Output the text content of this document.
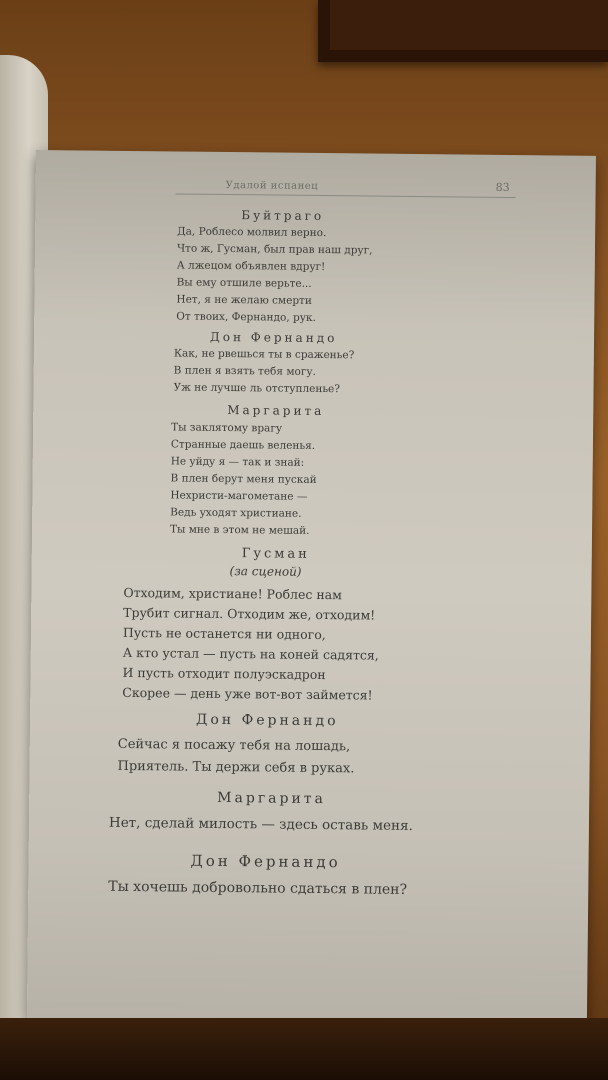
Удалой испанец	83
Буйтраго
Да, Роблесо молвил верно.
Что ж, Гусман, был прав наш друг,
А лжецом объявлен вдруг!
Вы ему отшиле верьте...
Нет, я не желаю смерти
От твоих, Фернандо, рук.
Дон Фернандо
Как, не рвешься ты в сраженье?
В плен я взять тебя могу.
Уж не лучше ль отступленье?
Маргарита
Ты заклятому врагу
Странные даешь веленья.
Не уйду я — так и знай:
В плен берут меня пускай
Нехристи-магометане —
Ведь уходят христиане.
Ты мне в этом не мешай.
Гусман
(за сценой)
Отходим, христиане! Роблес нам
Трубит сигнал. Отходим же, отходим!
Пусть не останется ни одного,
А кто устал — пусть на коней садятся,
И пусть отходит полуэскадрон
Скорее — день уже вот-вот займется!
Дон Фернандо
Сейчас я посажу тебя на лошадь,
Приятель. Ты держи себя в руках.
Маргарита
Нет, сделай милость — здесь оставь меня.
Дон Фернандо
Ты хочешь добровольно сдаться в плен?
